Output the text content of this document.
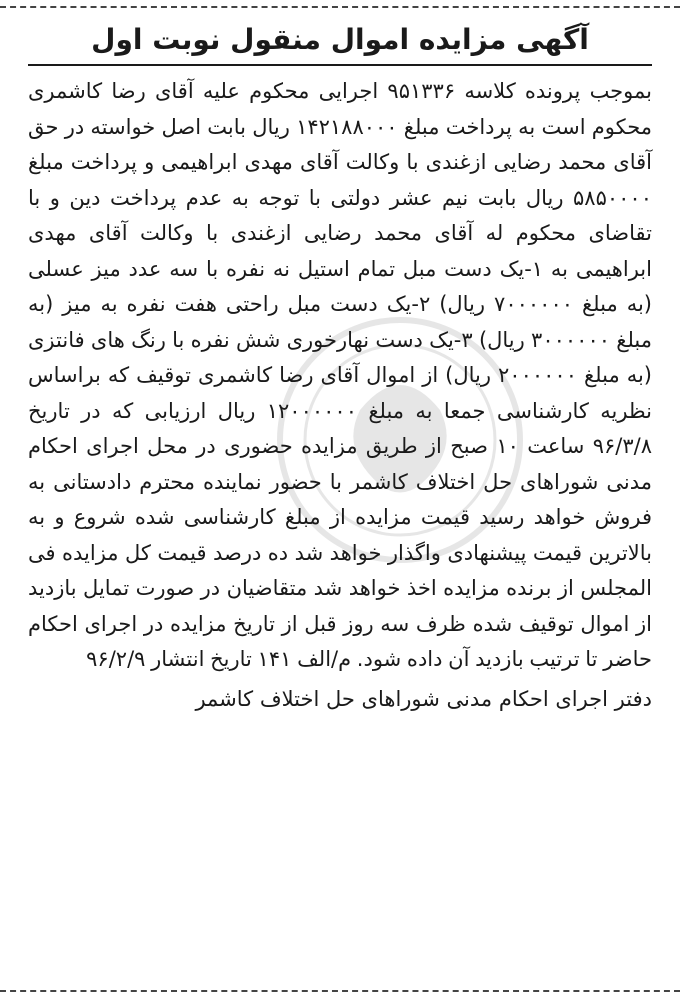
آگهی مزایده اموال منقول نوبت اول

بموجب پرونده کلاسه ۹۵۱۳۳۶ اجرایی محکوم علیه آقای رضا کاشمری محکوم است به پرداخت مبلغ ۱۴۲۱۸۸۰۰۰ ریال بابت اصل خواسته در حق آقای محمد رضایی ازغندی با وکالت آقای مهدی ابراهیمی و پرداخت مبلغ ۵۸۵۰۰۰۰ ریال بابت نیم عشر دولتی با توجه به عدم پرداخت دین و با تقاضای محکوم له آقای محمد رضایی ازغندی با وکالت آقای مهدی ابراهیمی به ۱-یک دست مبل تمام استیل نه نفره با سه عدد میز عسلی (به مبلغ ۷۰۰۰۰۰۰ ریال) ۲-یک دست مبل راحتی هفت نفره به میز (به مبلغ ۳۰۰۰۰۰۰ ریال) ۳-یک دست نهارخوری شش نفره با رنگ های فانتزی (به مبلغ ۲۰۰۰۰۰۰ ریال) از اموال آقای رضا کاشمری توقیف که براساس نظریه کارشناسی جمعا به مبلغ ۱۲۰۰۰۰۰۰ ریال ارزیابی که در تاریخ ۹۶/۳/۸ ساعت ۱۰ صبح از طریق مزایده حضوری در محل اجرای احکام مدنی شوراهای حل اختلاف کاشمر با حضور نماینده محترم دادستانی به فروش خواهد رسید قیمت مزایده از مبلغ کارشناسی شده شروع و به بالاترین قیمت پیشنهادی واگذار خواهد شد ده درصد قیمت کل مزایده فی المجلس از برنده مزایده اخذ خواهد شد متقاضیان در صورت تمایل بازدید از اموال توقیف شده ظرف سه روز قبل از تاریخ مزایده در اجرای احکام حاضر تا ترتیب بازدید آن داده شود. م/الف ۱۴۱ تاریخ انتشار ۹۶/۲/۹

دفتر اجرای احکام مدنی شوراهای حل اختلاف کاشمر
